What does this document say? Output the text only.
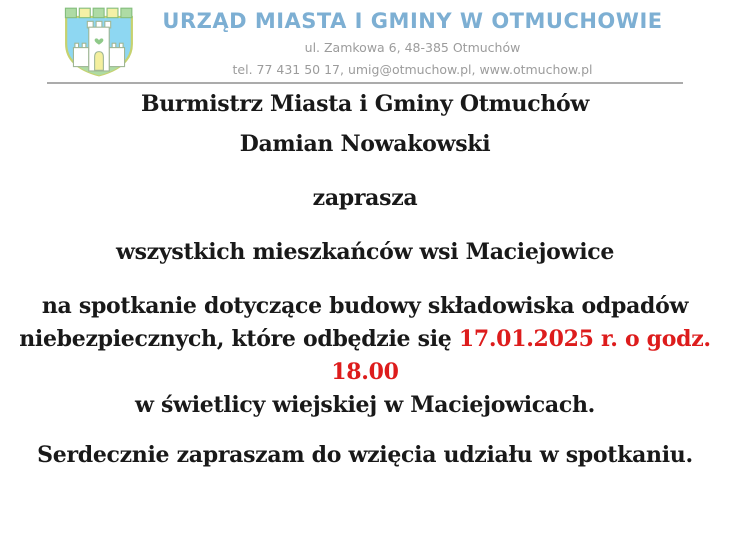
URZĄD MIASTA I GMINY W OTMUCHOWIE
ul. Zamkowa 6, 48-385 Otmuchów
tel. 77 431 50 17, umig@otmuchow.pl, www.otmuchow.pl
Burmistrz Miasta i Gminy Otmuchów
Damian Nowakowski
zaprasza
wszystkich mieszkańców wsi Maciejowice
na spotkanie dotyczące budowy składowiska odpadów
niebezpiecznych, które odbędzie się 17.01.2025 r. o godz.
18.00
w świetlicy wiejskiej w Maciejowicach.
Serdecznie zapraszam do wzięcia udziału w spotkaniu.
